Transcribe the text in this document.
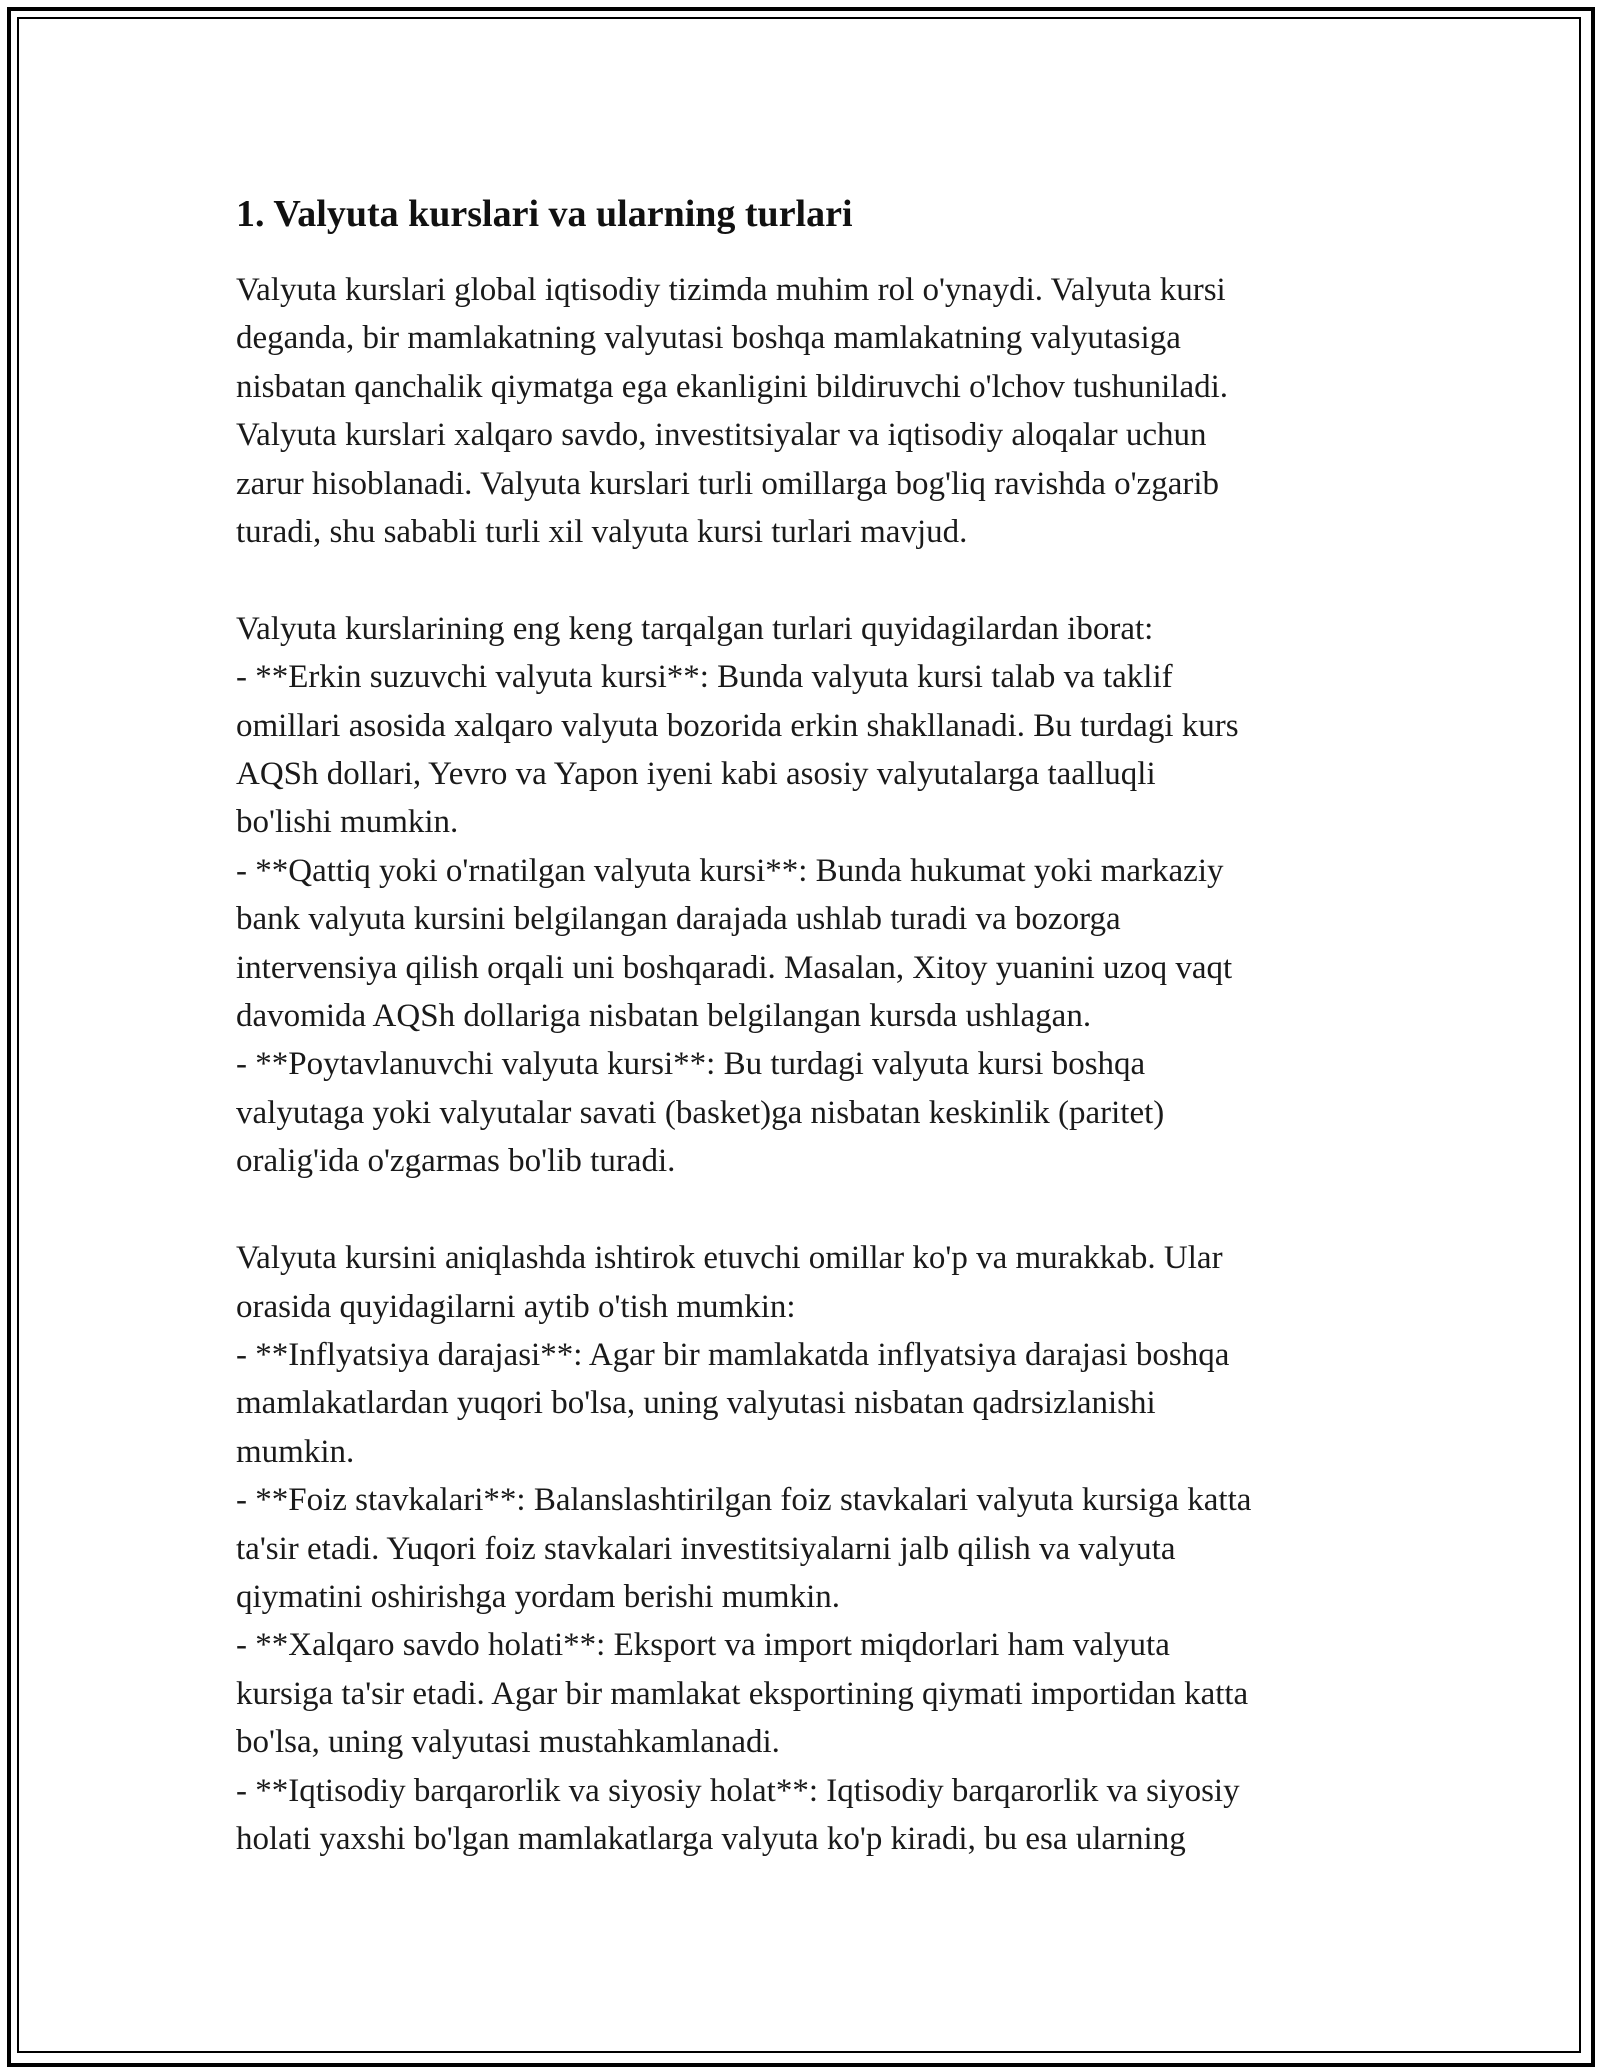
1. Valyuta kurslari va ularning turlari
Valyuta kurslari global iqtisodiy tizimda muhim rol o'ynaydi. Valyuta kursi
deganda, bir mamlakatning valyutasi boshqa mamlakatning valyutasiga
nisbatan qanchalik qiymatga ega ekanligini bildiruvchi o'lchov tushuniladi.
Valyuta kurslari xalqaro savdo, investitsiyalar va iqtisodiy aloqalar uchun
zarur hisoblanadi. Valyuta kurslari turli omillarga bog'liq ravishda o'zgarib
turadi, shu sababli turli xil valyuta kursi turlari mavjud.
Valyuta kurslarining eng keng tarqalgan turlari quyidagilardan iborat:
- **Erkin suzuvchi valyuta kursi**: Bunda valyuta kursi talab va taklif
omillari asosida xalqaro valyuta bozorida erkin shakllanadi. Bu turdagi kurs
AQSh dollari, Yevro va Yapon iyeni kabi asosiy valyutalarga taalluqli
bo'lishi mumkin.
- **Qattiq yoki o'rnatilgan valyuta kursi**: Bunda hukumat yoki markaziy
bank valyuta kursini belgilangan darajada ushlab turadi va bozorga
intervensiya qilish orqali uni boshqaradi. Masalan, Xitoy yuanini uzoq vaqt
davomida AQSh dollariga nisbatan belgilangan kursda ushlagan.
- **Poytavlanuvchi valyuta kursi**: Bu turdagi valyuta kursi boshqa
valyutaga yoki valyutalar savati (basket)ga nisbatan keskinlik (paritet)
oralig'ida o'zgarmas bo'lib turadi.
Valyuta kursini aniqlashda ishtirok etuvchi omillar ko'p va murakkab. Ular
orasida quyidagilarni aytib o'tish mumkin:
- **Inflyatsiya darajasi**: Agar bir mamlakatda inflyatsiya darajasi boshqa
mamlakatlardan yuqori bo'lsa, uning valyutasi nisbatan qadrsizlanishi
mumkin.
- **Foiz stavkalari**: Balanslashtirilgan foiz stavkalari valyuta kursiga katta
ta'sir etadi. Yuqori foiz stavkalari investitsiyalarni jalb qilish va valyuta
qiymatini oshirishga yordam berishi mumkin.
- **Xalqaro savdo holati**: Eksport va import miqdorlari ham valyuta
kursiga ta'sir etadi. Agar bir mamlakat eksportining qiymati importidan katta
bo'lsa, uning valyutasi mustahkamlanadi.
- **Iqtisodiy barqarorlik va siyosiy holat**: Iqtisodiy barqarorlik va siyosiy
holati yaxshi bo'lgan mamlakatlarga valyuta ko'p kiradi, bu esa ularning
